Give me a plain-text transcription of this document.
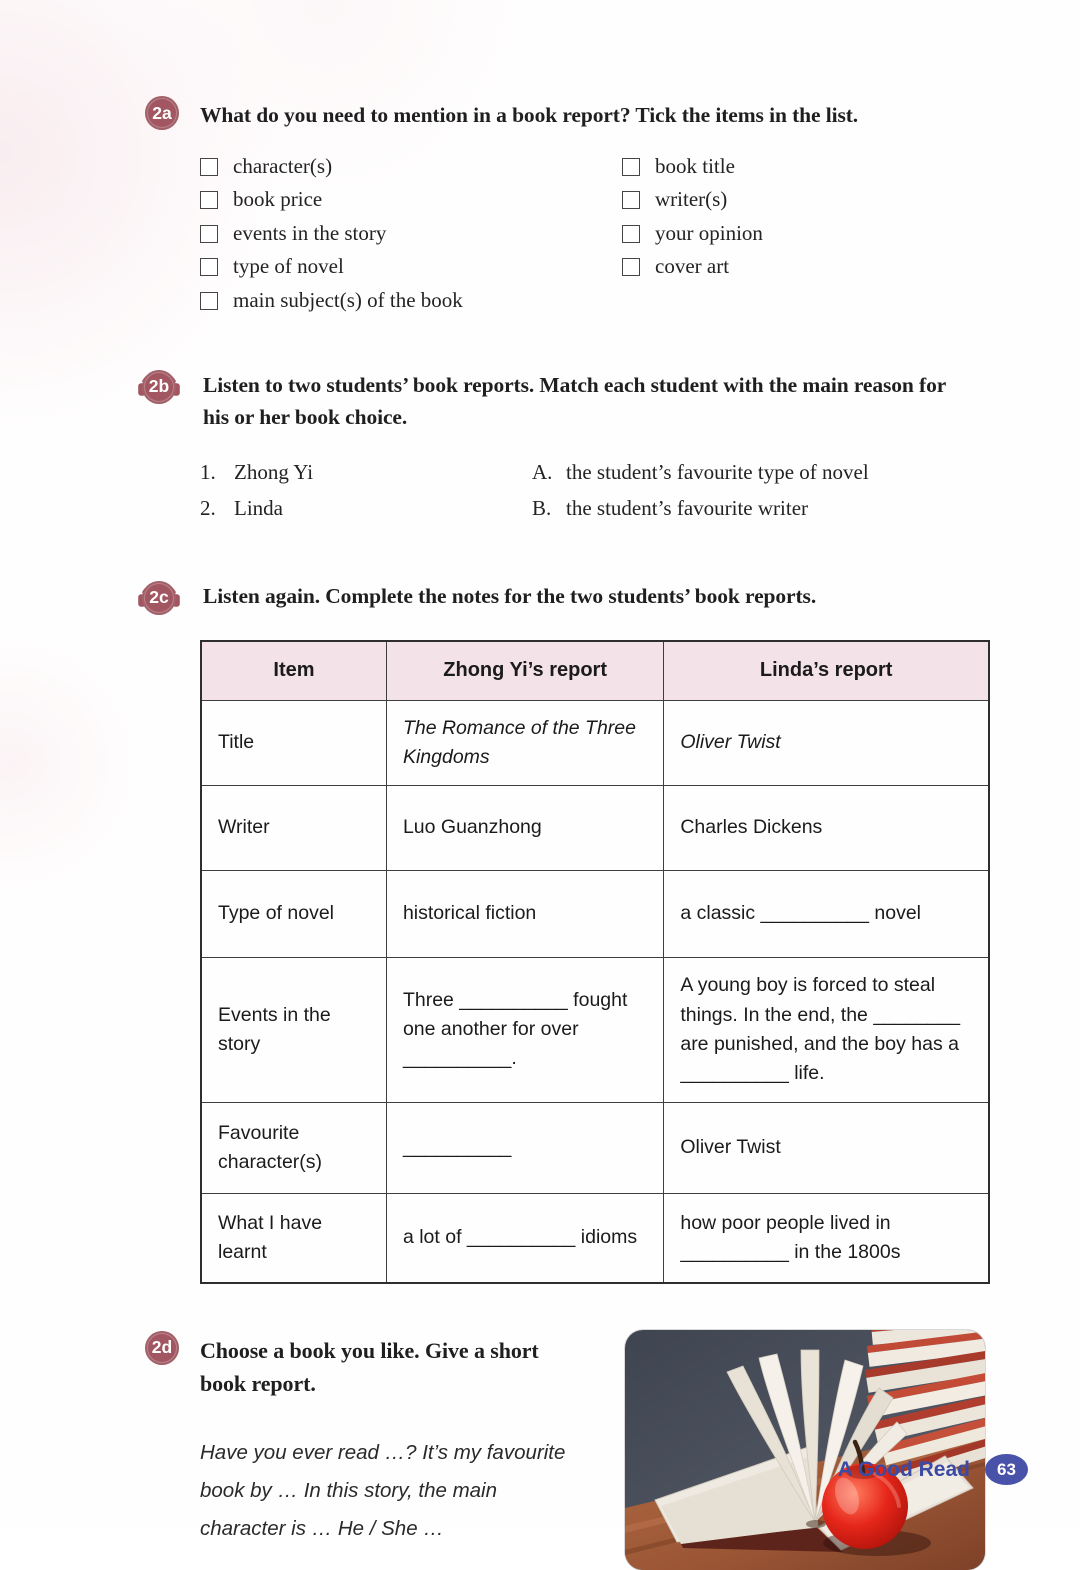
2a	What do you need to mention in a book report? Tick the items in the list.
character(s)
book price
events in the story
type of novel
main subject(s) of the book
book title
writer(s)
your opinion
cover art
2b	Listen to two students’ book reports. Match each student with the main reason for his or her book choice.
1. Zhong Yi
2. Linda
A. the student’s favourite type of novel
B. the student’s favourite writer
2c	Listen again. Complete the notes for the two students’ book reports.
Item	Zhong Yi’s report	Linda’s report
Title	The Romance of the Three Kingdoms	Oliver Twist
Writer	Luo Guanzhong	Charles Dickens
Type of novel	historical fiction	a classic __________ novel
Events in the story	Three __________ fought one another for over __________.	A young boy is forced to steal things. In the end, the ________ are punished, and the boy has a __________ life.
Favourite character(s)	__________	Oliver Twist
What I have learnt	a lot of __________ idioms	how poor people lived in __________ in the 1800s
2d	Choose a book you like. Give a short book report.
Have you ever read …? It’s my favourite book by … In this story, the main character is … He / She …
A Good Read	63
